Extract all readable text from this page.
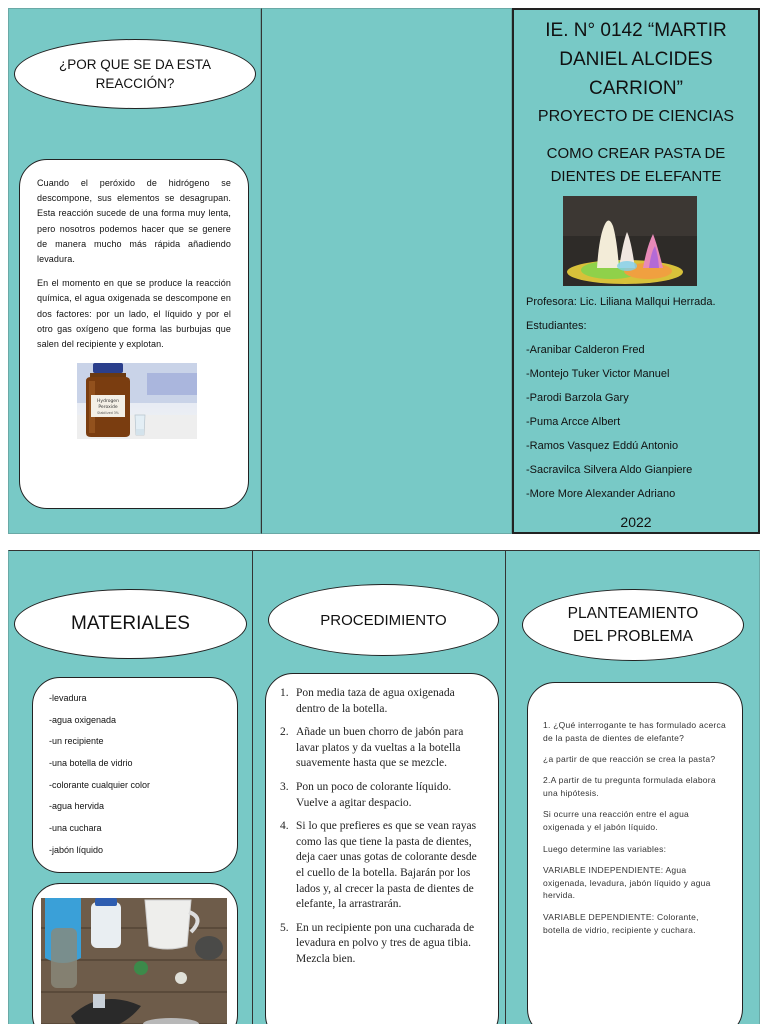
¿POR QUE SE DA ESTA REACCIÓN?

Cuando el peróxido de hidrógeno se descompone, sus elementos se desagrupan. Esta reacción sucede de una forma muy lenta, pero nosotros podemos hacer que se genere de manera mucho más rápida añadiendo levadura.

En el momento en que se produce la reacción química, el agua oxigenada se descompone en dos factores: por un lado, el líquido y por el otro gas oxígeno que forma las burbujas que salen del recipiente y explotan.

Hydrogen
Peroxide
Stabilized 3%
IE. N° 0142 “MARTIR DANIEL ALCIDES CARRION”
PROYECTO DE CIENCIAS
COMO CREAR PASTA DE DIENTES DE ELEFANTE
Profesora: Lic. Liliana Mallqui Herrada.
Estudiantes:
-Aranibar Calderon Fred
-Montejo Tuker Victor Manuel
-Parodi Barzola Gary
-Puma Arcce Albert
-Ramos Vasquez Eddú Antonio
-Sacravilca Silvera Aldo Gianpiere
-More More Alexander Adriano
2022
MATERIALES
-levadura
-agua oxigenada
-un recipiente
-una botella de vidrio
-colorante cualquier color
-agua hervida
-una cuchara
-jabón líquido
PROCEDIMIENTO
1. Pon media taza de agua oxigenada dentro de la botella.
2. Añade un buen chorro de jabón para lavar platos y da vueltas a la botella suavemente hasta que se mezcle.
3. Pon un poco de colorante líquido. Vuelve a agitar despacio.
4. Si lo que prefieres es que se vean rayas como las que tiene la pasta de dientes, deja caer unas gotas de colorante desde el cuello de la botella. Bajarán por los lados y, al crecer la pasta de dientes de elefante, la arrastrarán.
5. En un recipiente pon una cucharada de levadura en polvo y tres de agua tibia. Mezcla bien.
PLANTEAMIENTO DEL PROBLEMA

1. ¿Qué interrogante te has formulado acerca de la pasta de dientes de elefante?

¿a partir de que reacción se crea la pasta?

2.A partir de tu pregunta formulada elabora una hipótesis.

Si ocurre una reacción entre el agua oxigenada y el jabón líquido.

Luego determine las variables:

VARIABLE INDEPENDIENTE: Agua oxigenada, levadura, jabón líquido y agua hervida.

VARIABLE DEPENDIENTE: Colorante, botella de vidrio, recipiente y cuchara.
